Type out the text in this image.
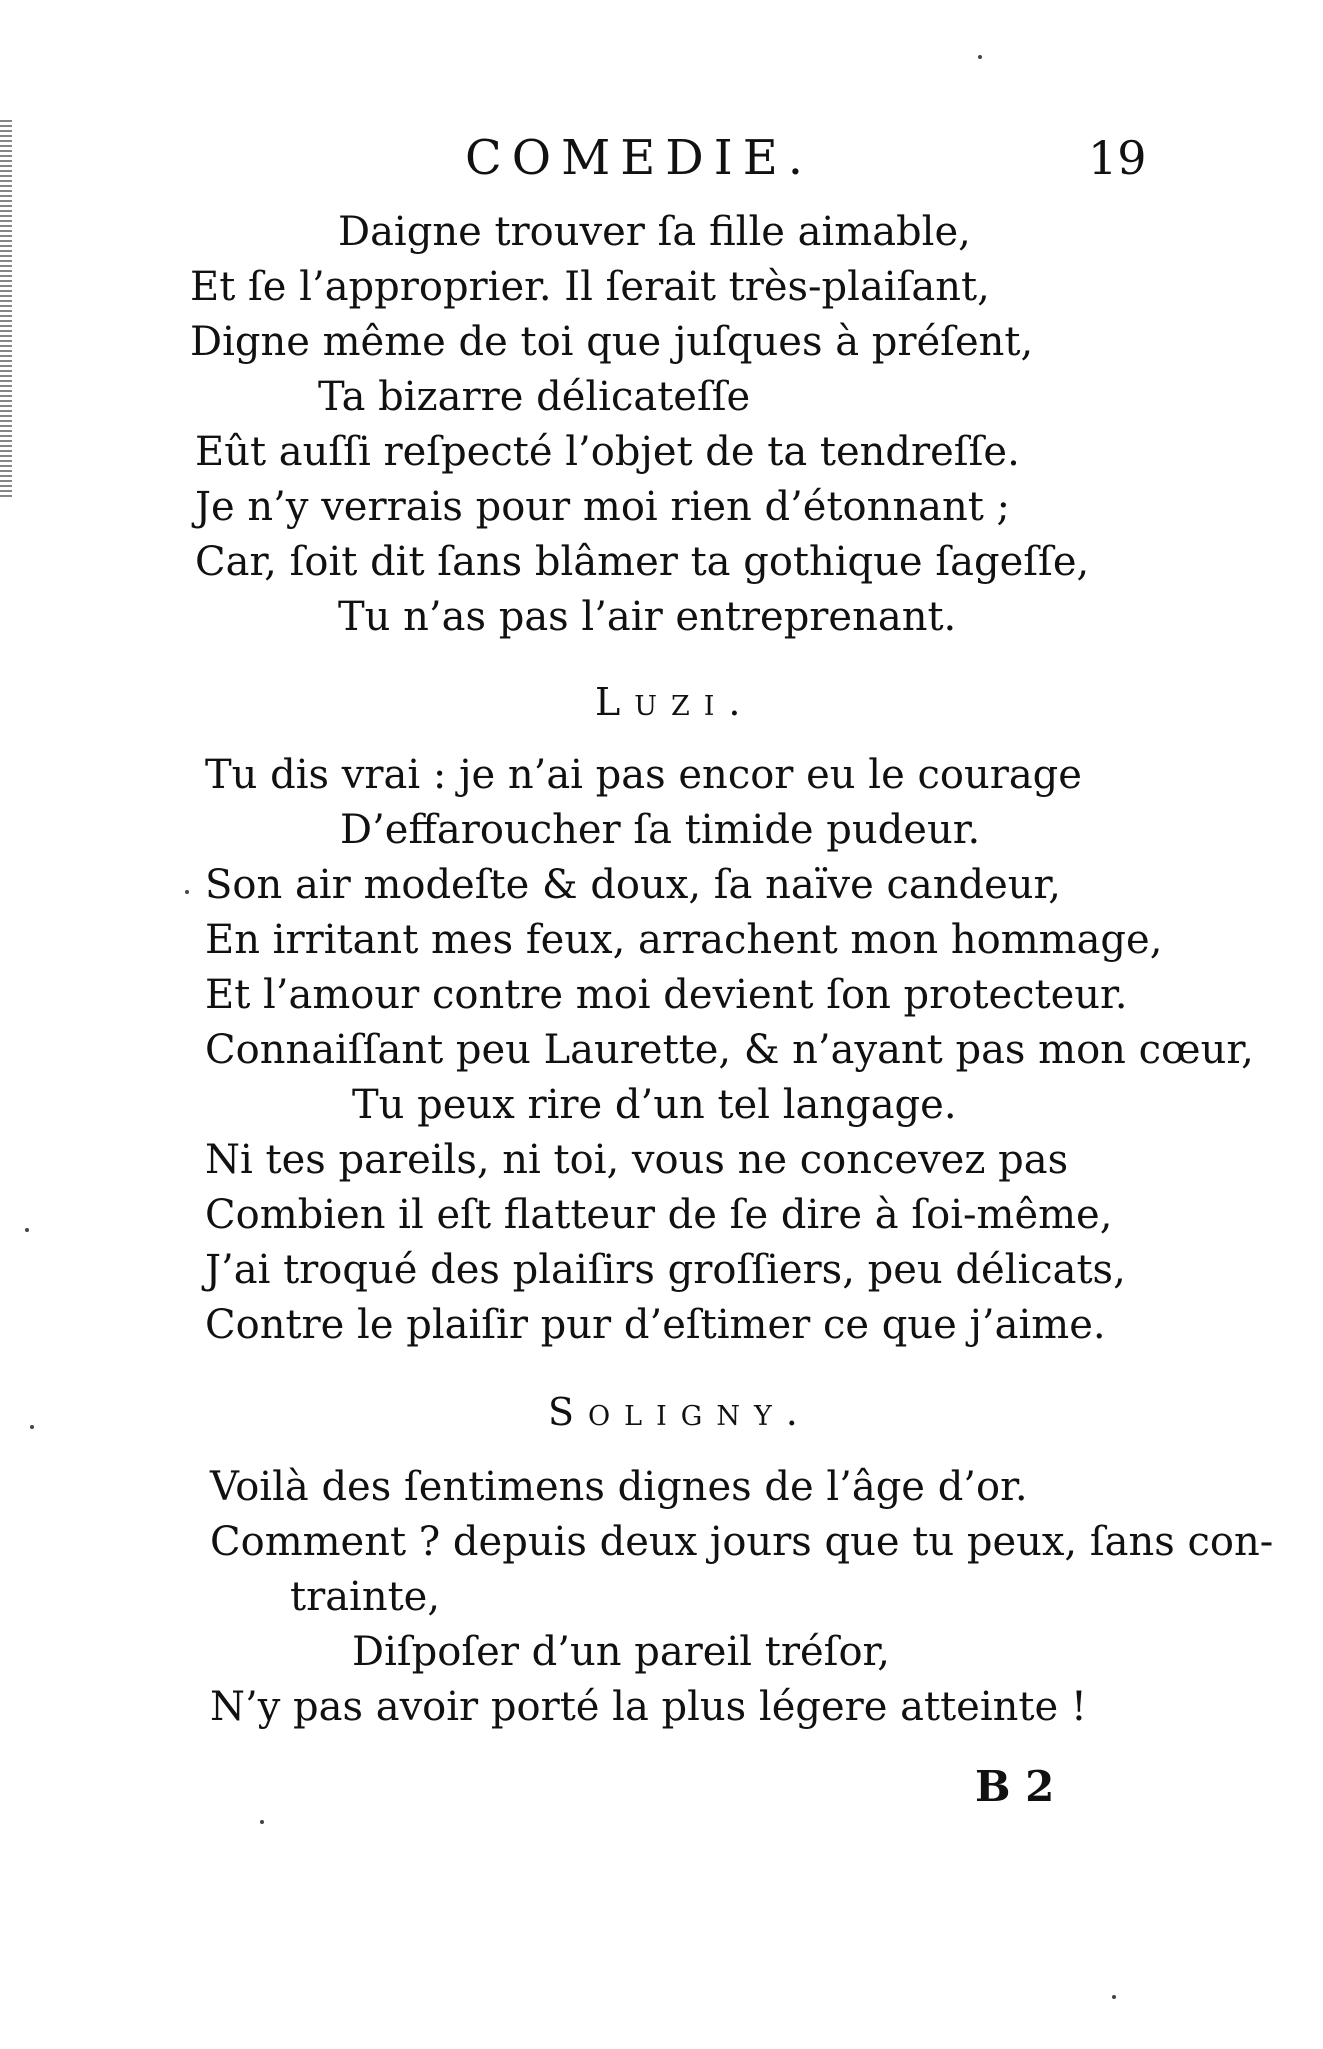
COMEDIE.	19
Daigne trouver ſa fille aimable,
Et ſe l’approprier. Il ſerait très-plaiſant,
Digne même de toi que juſques à préſent,
Ta bizarre délicateſſe
Eût auſſi reſpecté l’objet de ta tendreſſe.
Je n’y verrais pour moi rien d’étonnant ;
Car, ſoit dit ſans blâmer ta gothique ſageſſe,
Tu n’as pas l’air entreprenant.
Luzi.
Tu dis vrai : je n’ai pas encor eu le courage
D’effaroucher ſa timide pudeur.
Son air modeſte & doux, ſa naïve candeur,
En irritant mes feux, arrachent mon hommage,
Et l’amour contre moi devient ſon protecteur.
Connaiſſant peu Laurette, & n’ayant pas mon cœur,
Tu peux rire d’un tel langage.
Ni tes pareils, ni toi, vous ne concevez pas
Combien il eſt flatteur de ſe dire à ſoi-même,
J’ai troqué des plaiſirs groſſiers, peu délicats,
Contre le plaiſir pur d’eſtimer ce que j’aime.
Soligny.
Voilà des ſentimens dignes de l’âge d’or.
Comment ? depuis deux jours que tu peux, ſans con-
trainte,
Diſpoſer d’un pareil tréſor,
N’y pas avoir porté la plus légere atteinte !
B 2
